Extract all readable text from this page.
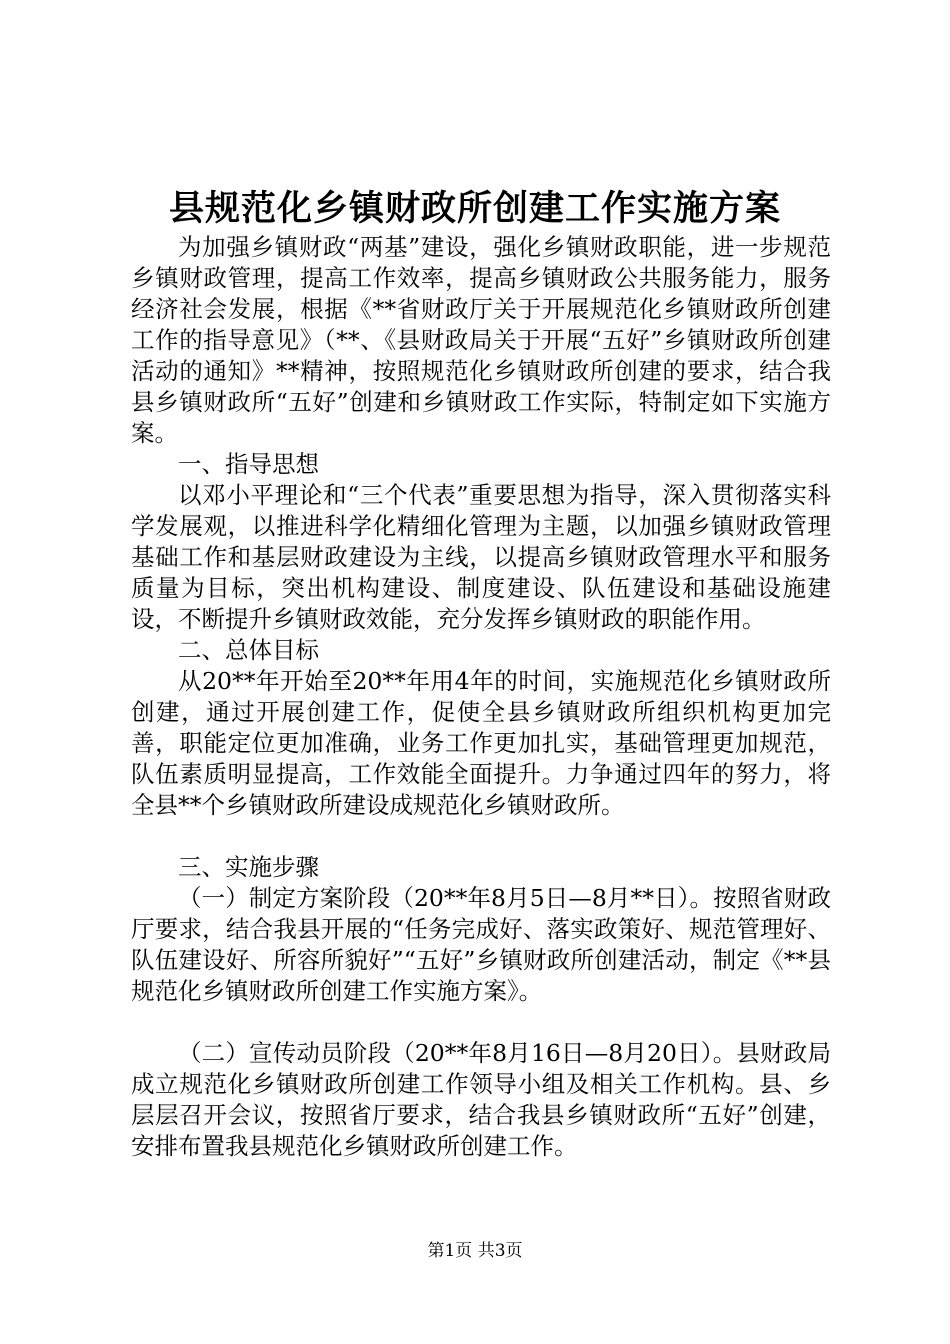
县规范化乡镇财政所创建工作实施方案

为加强乡镇财政“两基”建设，强化乡镇财政职能，进一步规范乡镇财政管理，提高工作效率，提高乡镇财政公共服务能力，服务经济社会发展，根据《**省财政厅关于开展规范化乡镇财政所创建工作的指导意见》（**、《县财政局关于开展“五好”乡镇财政所创建活动的通知》**精神，按照规范化乡镇财政所创建的要求，结合我县乡镇财政所“五好”创建和乡镇财政工作实际，特制定如下实施方案。

一、指导思想

以邓小平理论和“三个代表”重要思想为指导，深入贯彻落实科学发展观，以推进科学化精细化管理为主题，以加强乡镇财政管理基础工作和基层财政建设为主线，以提高乡镇财政管理水平和服务质量为目标，突出机构建设、制度建设、队伍建设和基础设施建设，不断提升乡镇财政效能，充分发挥乡镇财政的职能作用。

二、总体目标

从20**年开始至20**年用4年的时间，实施规范化乡镇财政所创建，通过开展创建工作，促使全县乡镇财政所组织机构更加完善，职能定位更加准确，业务工作更加扎实，基础管理更加规范，队伍素质明显提高，工作效能全面提升。力争通过四年的努力，将全县**个乡镇财政所建设成规范化乡镇财政所。

三、实施步骤

（一）制定方案阶段（20**年8月5日—8月**日）。按照省财政厅要求，结合我县开展的“任务完成好、落实政策好、规范管理好、队伍建设好、所容所貌好”“五好”乡镇财政所创建活动，制定《**县规范化乡镇财政所创建工作实施方案》。

（二）宣传动员阶段（20**年8月16日—8月20日）。县财政局成立规范化乡镇财政所创建工作领导小组及相关工作机构。县、乡层层召开会议，按照省厅要求，结合我县乡镇财政所“五好”创建，安排布置我县规范化乡镇财政所创建工作。

第1页 共3页
